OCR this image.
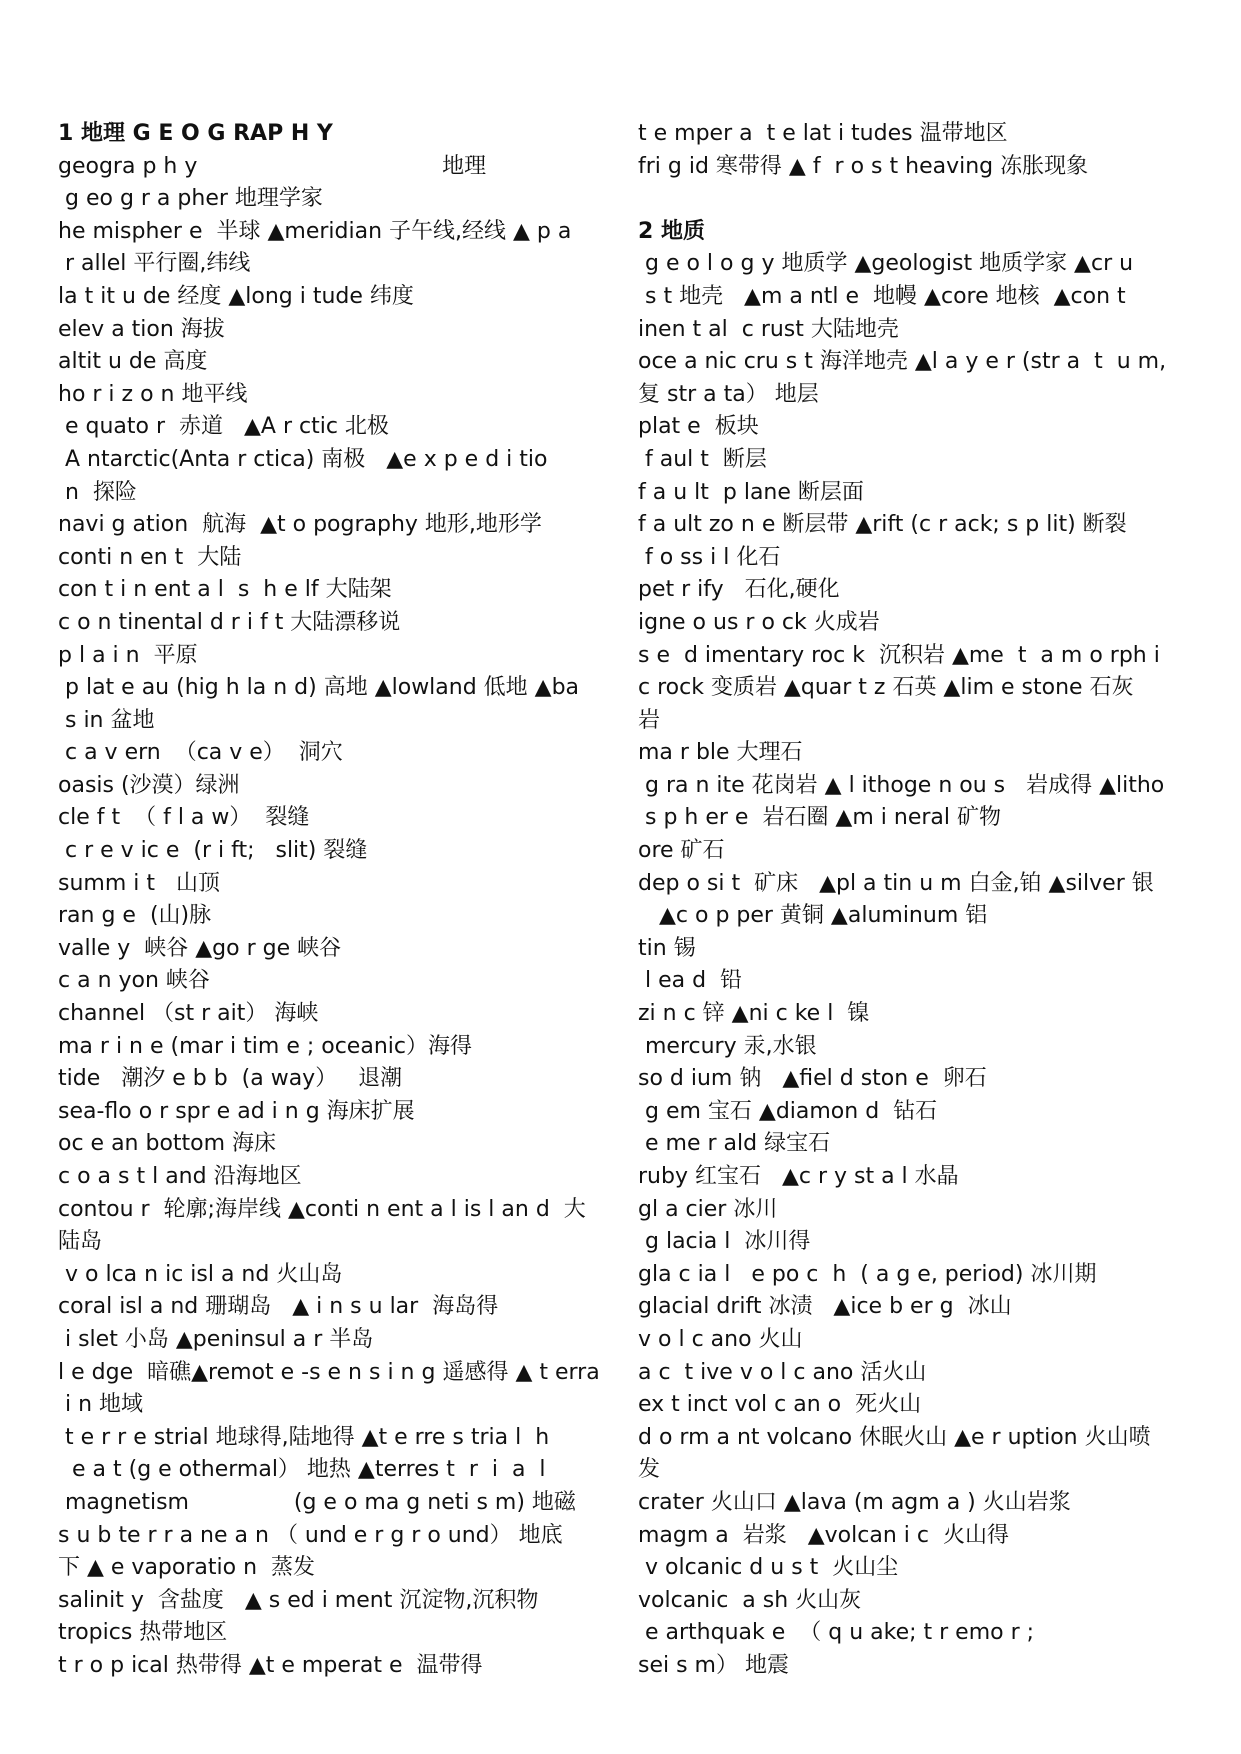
1 地理 G E O G RAP H Y
geogra p h y                                   地理
g eo g r a pher 地理学家
he mispher e  半球 ▲meridian 子午线,经线 ▲ p a
r allel 平行圈,纬线
la t it u de 经度 ▲long i tude 纬度
elev a tion 海拔
altit u de 高度
ho r i z o n 地平线
e quato r  赤道   ▲A r ctic 北极
A ntarctic(Anta r ctica) 南极   ▲e x p e d i tio
n  探险
navi g ation  航海  ▲t o pography 地形,地形学
conti n en t  大陆
con t i n ent a l  s  h e lf 大陆架
c o n tinental d r i f t 大陆漂移说
p l a i n  平原
p lat e au (hig h la n d) 高地 ▲lowland 低地 ▲ba
s in 盆地
c a v ern  （ca v e）  洞穴
oasis (沙漠）绿洲
cle f t  （ f l a w）  裂缝
c r e v ic e  (r i ft;   slit) 裂缝
summ i t   山顶
ran g e  (山)脉
valle y  峡谷 ▲go r ge 峡谷
c a n yon 峡谷
channel （st r ait） 海峡
ma r i n e (mar i tim e ; oceanic）海得
tide   潮汐 e b b  (a way）   退潮
sea-flo o r spr e ad i n g 海床扩展
oc e an bottom 海床
c o a s t l and 沿海地区
contou r  轮廓;海岸线 ▲conti n ent a l is l an d  大
陆岛
v o lca n ic isl a nd 火山岛
coral isl a nd 珊瑚岛   ▲ i n s u lar  海岛得
i slet 小岛 ▲peninsul a r 半岛
l e dge  暗礁▲remot e -s e n s i n g 遥感得 ▲ t erra
i n 地域
t e r r e strial 地球得,陆地得 ▲t e rre s tria l  h
e a t (g e othermal） 地热 ▲terres t  r  i  a  l
magnetism               (g e o ma g neti s m) 地磁
s u b te r r a ne a n （ und e r g r o und） 地底
下 ▲ e vaporatio n  蒸发
salinit y  含盐度   ▲ s ed i ment 沉淀物,沉积物
tropics 热带地区
t r o p ical 热带得 ▲t e mperat e  温带得
t e mper a  t e lat i tudes 温带地区
fri g id 寒带得 ▲ f  r o s t heaving 冻胀现象
2 地质
g e o l o g y 地质学 ▲geologist 地质学家 ▲cr u
s t 地壳   ▲m a ntl e  地幔 ▲core 地核  ▲con t
inen t al  c rust 大陆地壳
oce a nic cru s t 海洋地壳 ▲l a y e r (str a  t  u m,
复 str a ta） 地层
plat e  板块
f aul t  断层
f a u lt  p lane 断层面
f a ult zo n e 断层带 ▲rift (c r ack; s p lit) 断裂
f o ss i l 化石
pet r ify   石化,硬化
igne o us r o ck 火成岩
s e  d imentary roc k  沉积岩 ▲me  t  a m o rph i
c rock 变质岩 ▲quar t z 石英 ▲lim e stone 石灰
岩
ma r ble 大理石
g ra n ite 花岗岩 ▲ l ithoge n ou s   岩成得 ▲litho
s p h er e  岩石圈 ▲m i neral 矿物
ore 矿石
dep o si t  矿床   ▲pl a tin u m 白金,铂 ▲silver 银
▲c o p per 黄铜 ▲aluminum 铝
tin 锡
l ea d  铅
zi n c 锌 ▲ni c ke l  镍
mercury 汞,水银
so d ium 钠   ▲fiel d ston e  卵石
g em 宝石 ▲diamon d  钻石
e me r ald 绿宝石
ruby 红宝石   ▲c r y st a l 水晶
gl a cier 冰川
g lacia l  冰川得
gla c ia l   e po c  h  ( a g e, period) 冰川期
glacial drift 冰渍   ▲ice b er g  冰山
v o l c ano 火山
a c  t ive v o l c ano 活火山
ex t inct vol c an o  死火山
d o rm a nt volcano 休眠火山 ▲e r uption 火山喷
发
crater 火山口 ▲lava (m agm a ) 火山岩浆
magm a  岩浆   ▲volcan i c  火山得
v olcanic d u s t  火山尘
volcanic  a sh 火山灰
e arthquak e  （ q u ake; t r emo r ;
sei s m） 地震
